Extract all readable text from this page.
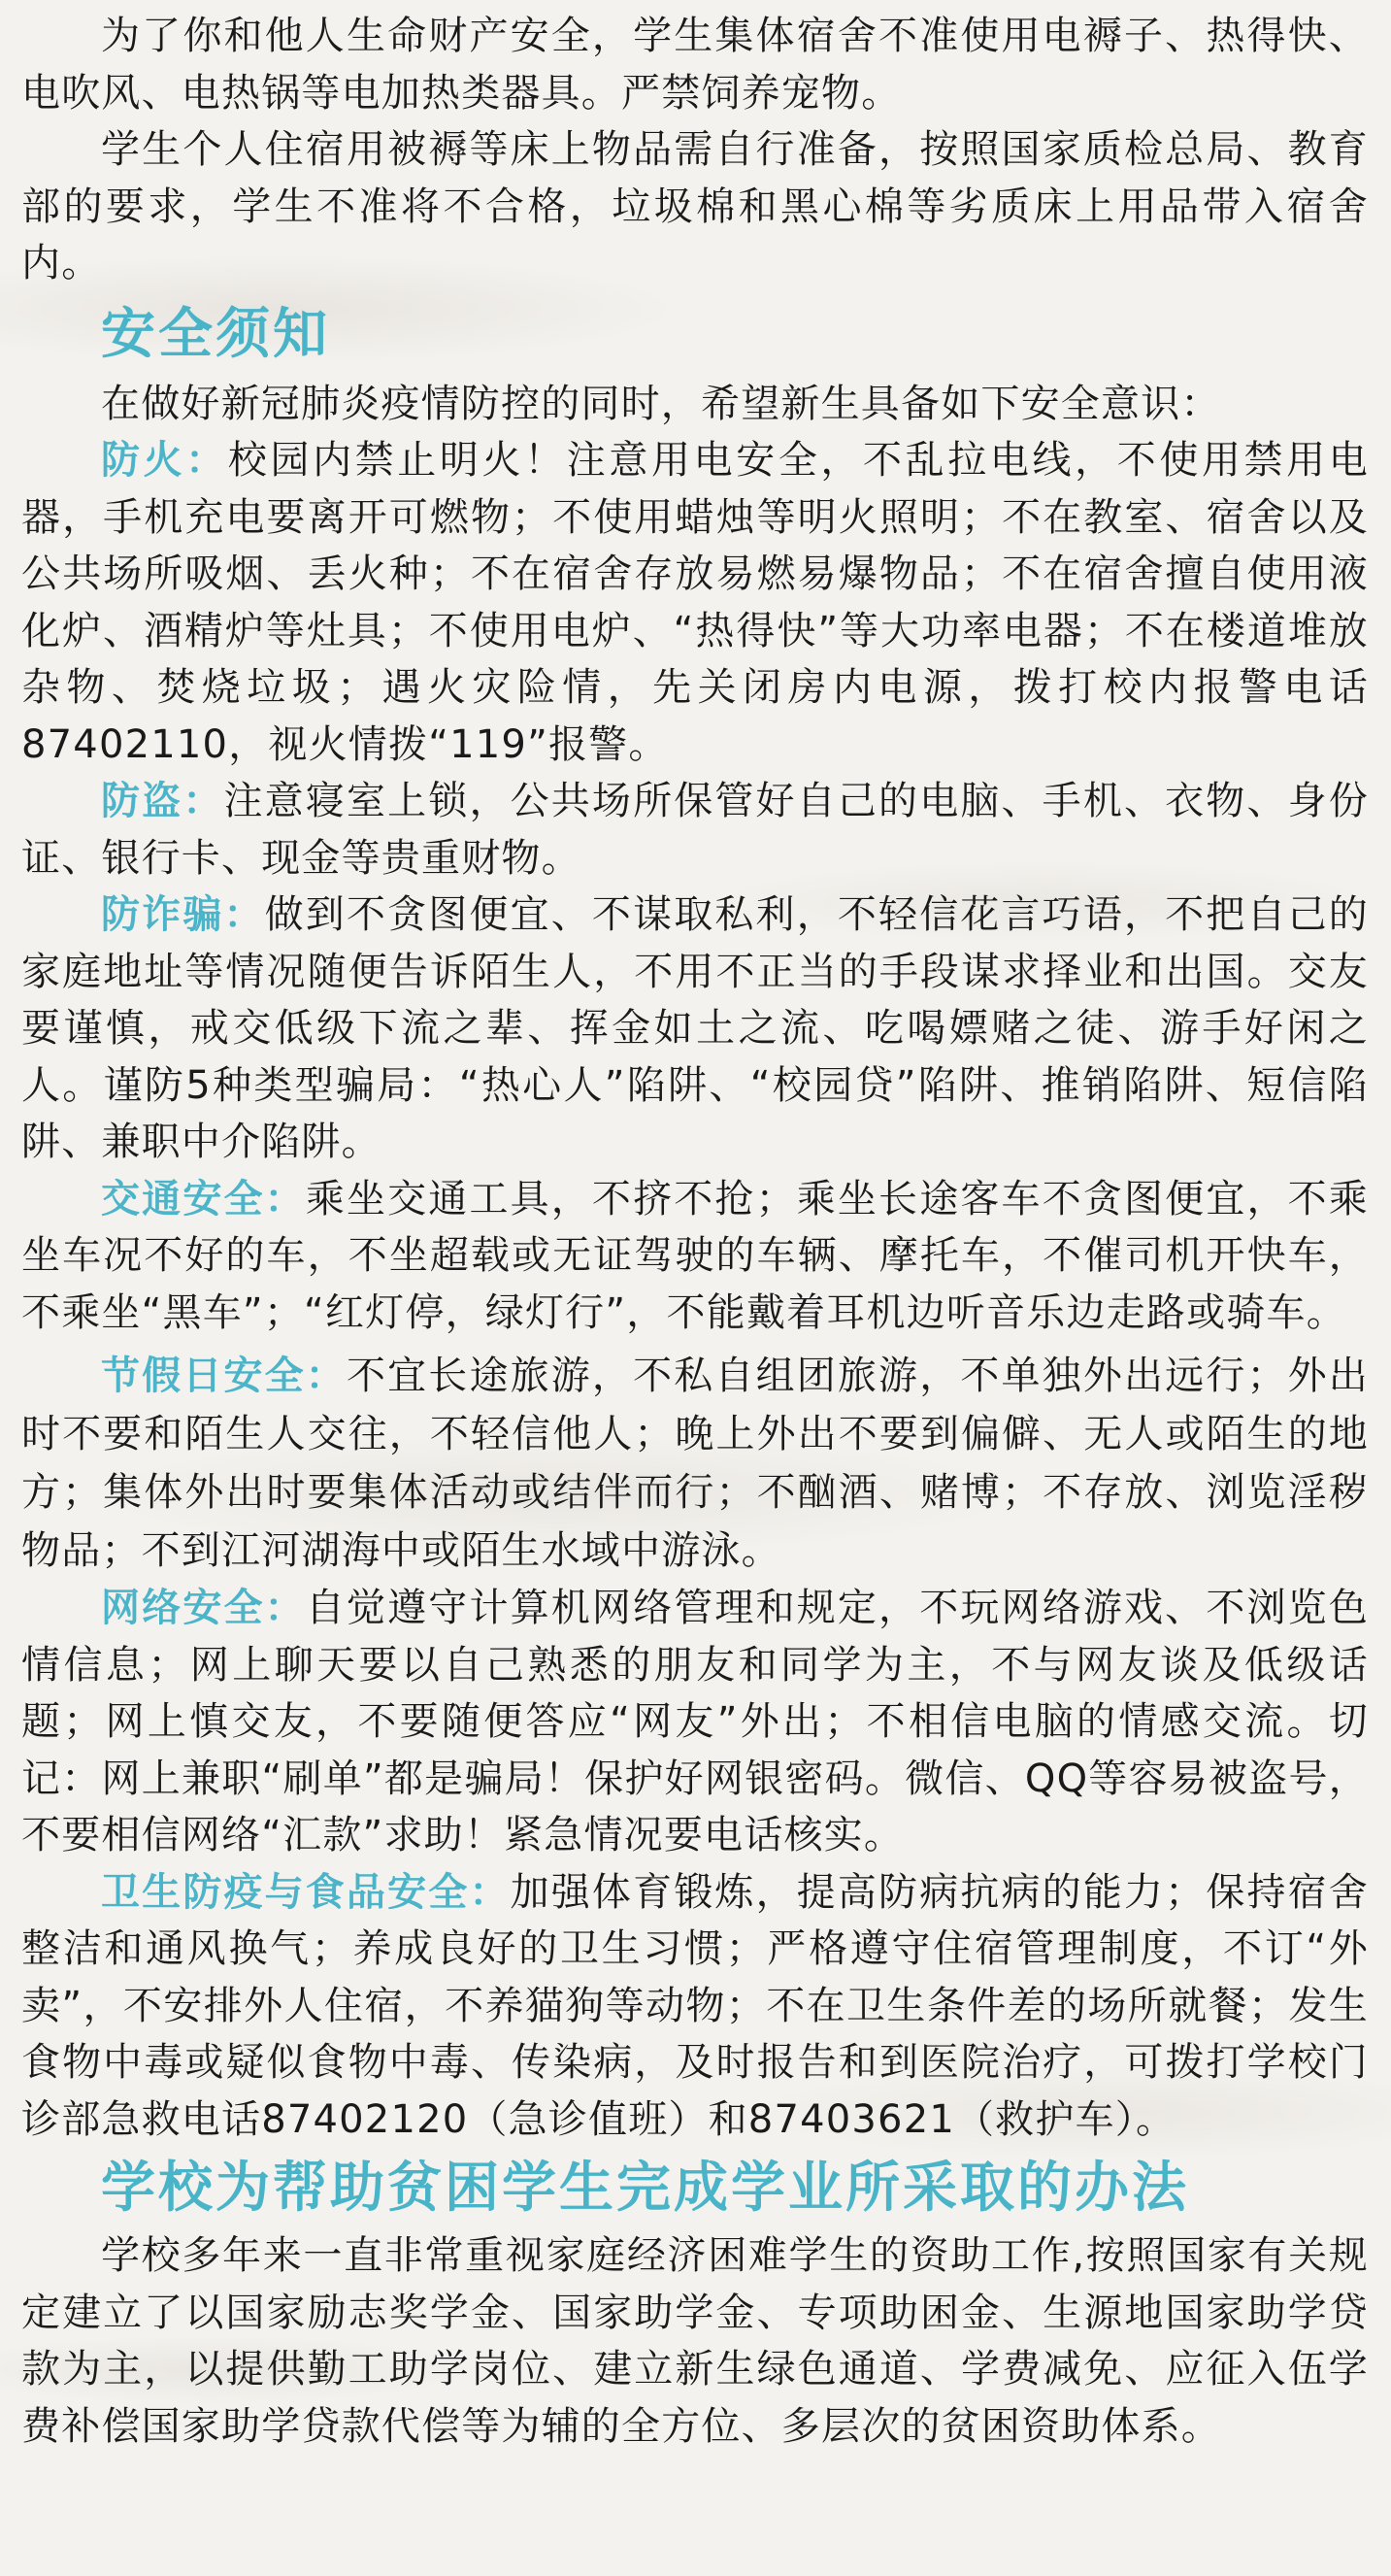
为了你和他人生命财产安全，学生集体宿舍不准使用电褥子、热得快、电吹风、电热锅等电加热类器具。严禁饲养宠物。

学生个人住宿用被褥等床上物品需自行准备，按照国家质检总局、教育部的要求，学生不准将不合格，垃圾棉和黑心棉等劣质床上用品带入宿舍内。

安全须知

在做好新冠肺炎疫情防控的同时，希望新生具备如下安全意识：

防火：校园内禁止明火！注意用电安全，不乱拉电线，不使用禁用电器，手机充电要离开可燃物；不使用蜡烛等明火照明；不在教室、宿舍以及公共场所吸烟、丢火种；不在宿舍存放易燃易爆物品；不在宿舍擅自使用液化炉、酒精炉等灶具；不使用电炉、“热得快”等大功率电器；不在楼道堆放杂物、焚烧垃圾；遇火灾险情，先关闭房内电源，拨打校内报警电话87402110，视火情拨“119”报警。

防盗：注意寝室上锁，公共场所保管好自己的电脑、手机、衣物、身份证、银行卡、现金等贵重财物。

防诈骗：做到不贪图便宜、不谋取私利，不轻信花言巧语，不把自己的家庭地址等情况随便告诉陌生人，不用不正当的手段谋求择业和出国。交友要谨慎，戒交低级下流之辈、挥金如土之流、吃喝嫖赌之徒、游手好闲之人。谨防5种类型骗局：“热心人”陷阱、“校园贷”陷阱、推销陷阱、短信陷阱、兼职中介陷阱。

交通安全：乘坐交通工具，不挤不抢；乘坐长途客车不贪图便宜，不乘坐车况不好的车，不坐超载或无证驾驶的车辆、摩托车，不催司机开快车，不乘坐“黑车”；“红灯停，绿灯行”，不能戴着耳机边听音乐边走路或骑车。

节假日安全：不宜长途旅游，不私自组团旅游，不单独外出远行；外出时不要和陌生人交往，不轻信他人；晚上外出不要到偏僻、无人或陌生的地方；集体外出时要集体活动或结伴而行；不酗酒、赌博；不存放、浏览淫秽物品；不到江河湖海中或陌生水域中游泳。

网络安全：自觉遵守计算机网络管理和规定，不玩网络游戏、不浏览色情信息；网上聊天要以自己熟悉的朋友和同学为主，不与网友谈及低级话题；网上慎交友，不要随便答应“网友”外出；不相信电脑的情感交流。切记：网上兼职“刷单”都是骗局！保护好网银密码。微信、QQ等容易被盗号，不要相信网络“汇款”求助！紧急情况要电话核实。

卫生防疫与食品安全：加强体育锻炼，提高防病抗病的能力；保持宿舍整洁和通风换气；养成良好的卫生习惯；严格遵守住宿管理制度，不订“外卖”，不安排外人住宿，不养猫狗等动物；不在卫生条件差的场所就餐；发生食物中毒或疑似食物中毒、传染病，及时报告和到医院治疗，可拨打学校门诊部急救电话87402120（急诊值班）和87403621（救护车）。

学校为帮助贫困学生完成学业所采取的办法

学校多年来一直非常重视家庭经济困难学生的资助工作,按照国家有关规定建立了以国家励志奖学金、国家助学金、专项助困金、生源地国家助学贷款为主，以提供勤工助学岗位、建立新生绿色通道、学费减免、应征入伍学费补偿国家助学贷款代偿等为辅的全方位、多层次的贫困资助体系。
